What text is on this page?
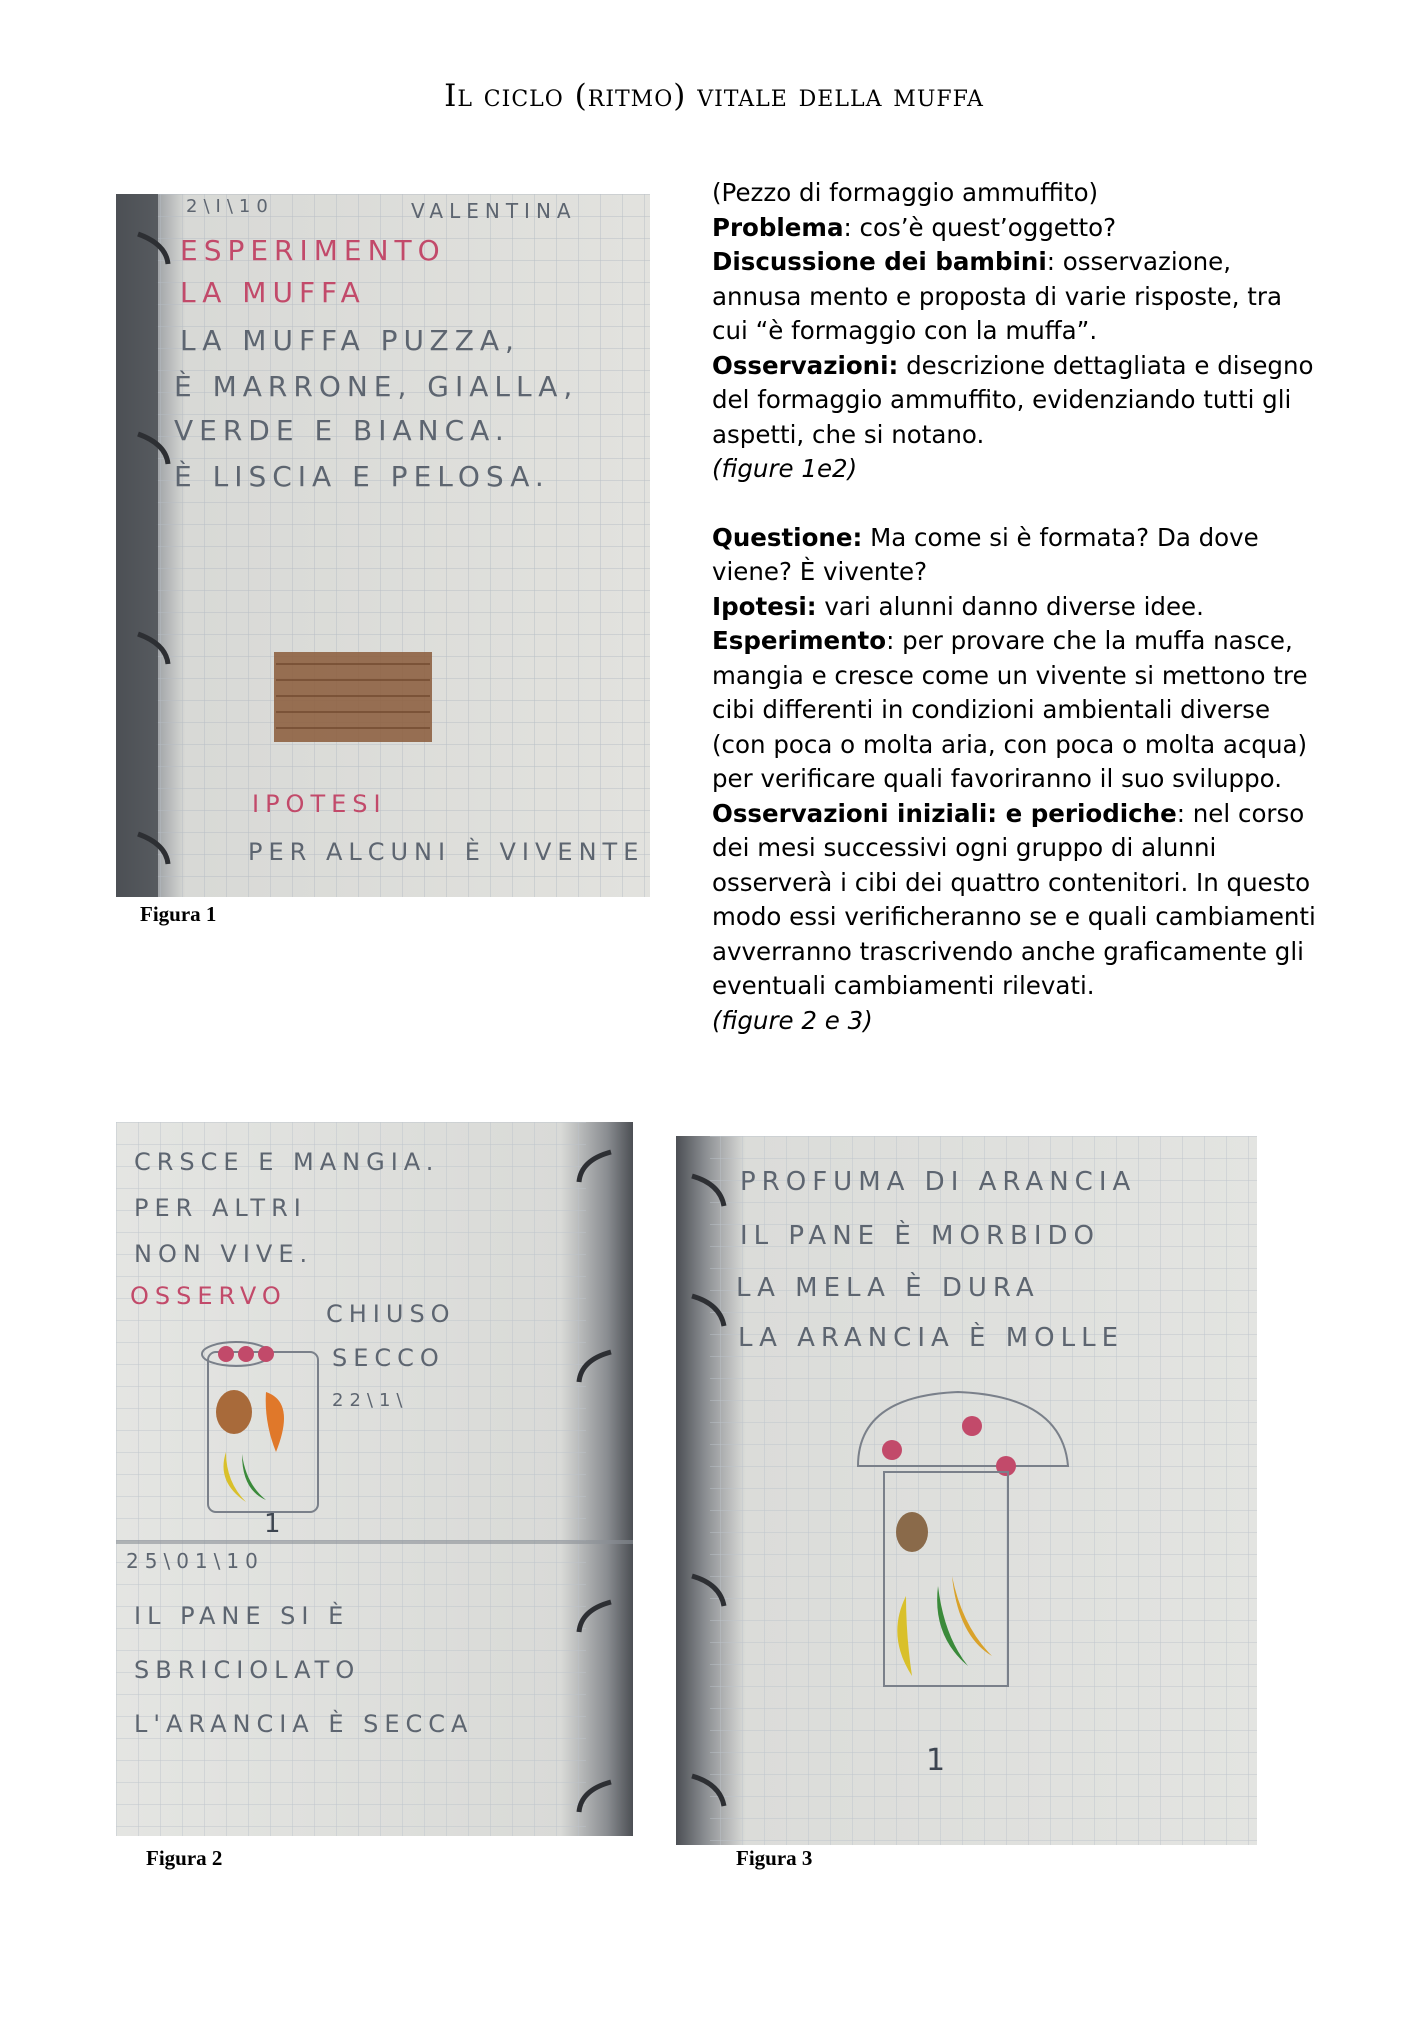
Il ciclo (ritmo) vitale della muffa
2\I\10	VALENTINA
ESPERIMENTO
LA MUFFA
LA MUFFA PUZZA,
È MARRONE, GIALLA,
VERDE E BIANCA.
È LISCIA E PELOSA.
IPOTESI
PER ALCUNI È VIVENTE
Figura 1

(Pezzo di formaggio ammuffito)

Problema: cos’è quest’oggetto?

Discussione dei bambini: osservazione, annusa mento e proposta di varie risposte, tra cui “è formaggio con la muffa”.

Osservazioni: descrizione dettagliata e disegno del formaggio ammuffito, evidenziando tutti gli aspetti, che si notano.

(figure 1e2)

Questione: Ma come si è formata? Da dove viene? È vivente?

Ipotesi: vari alunni danno diverse idee.

Esperimento: per provare che la muffa nasce, mangia e cresce come un vivente si mettono tre cibi differenti in condizioni ambientali diverse (con poca o molta aria, con poca o molta acqua) per verificare quali favoriranno il suo sviluppo.

Osservazioni iniziali: e periodiche: nel corso dei mesi successivi ogni gruppo di alunni osserverà i cibi dei quattro contenitori. In questo modo essi verificheranno se e quali cambiamenti avverranno trascrivendo anche graficamente gli eventuali cambiamenti rilevati.

(figure 2 e 3)

CRSCE E MANGIA.
PER ALTRI
NON VIVE.
OSSERVO
CHIUSO
SECCO
22\1\
1
25\01\10
IL PANE SI È
SBRICIOLATO
L'ARANCIA È SECCA
Figura 2
PROFUMA DI ARANCIA
IL PANE È MORBIDO
LA MELA È DURA
LA ARANCIA È MOLLE
1
Figura 3
